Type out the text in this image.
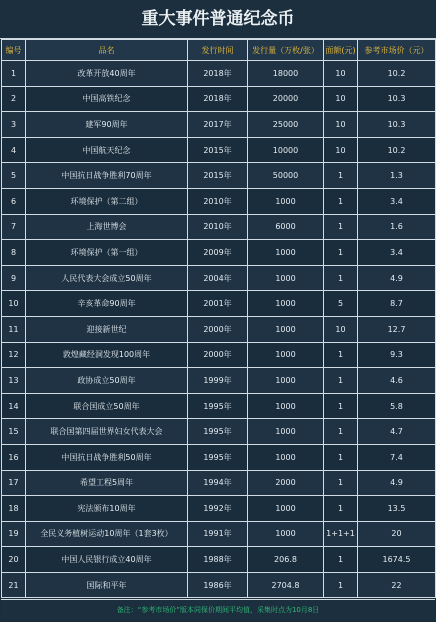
重大事件普通纪念币
编号	品名	发行时间	发行量（万枚/张）	面额(元)	参考市场价（元）
1	改革开放40周年	2018年	18000	10	10.2
2	中国高铁纪念	2018年	20000	10	10.3
3	建军90周年	2017年	25000	10	10.3
4	中国航天纪念	2015年	10000	10	10.2
5	中国抗日战争胜利70周年	2015年	50000	1	1.3
6	环境保护（第二组）	2010年	1000	1	3.4
7	上海世博会	2010年	6000	1	1.6
8	环境保护（第一组）	2009年	1000	1	3.4
9	人民代表大会成立50周年	2004年	1000	1	4.9
10	辛亥革命90周年	2001年	1000	5	8.7
11	迎接新世纪	2000年	1000	10	12.7
12	敦煌藏经洞发现100周年	2000年	1000	1	9.3
13	政协成立50周年	1999年	1000	1	4.6
14	联合国成立50周年	1995年	1000	1	5.8
15	联合国第四届世界妇女代表大会	1995年	1000	1	4.7
16	中国抗日战争胜利50周年	1995年	1000	1	7.4
17	希望工程5周年	1994年	2000	1	4.9
18	宪法颁布10周年	1992年	1000	1	13.5
19	全民义务植树运动10周年（1套3枚）	1991年	1000	1+1+1	20
20	中国人民银行成立40周年	1988年	206.8	1	1674.5
21	国际和平年	1986年	2704.8	1	22
备注：“参考市场价”版本同保价期间平均值，采集时点为10月8日
